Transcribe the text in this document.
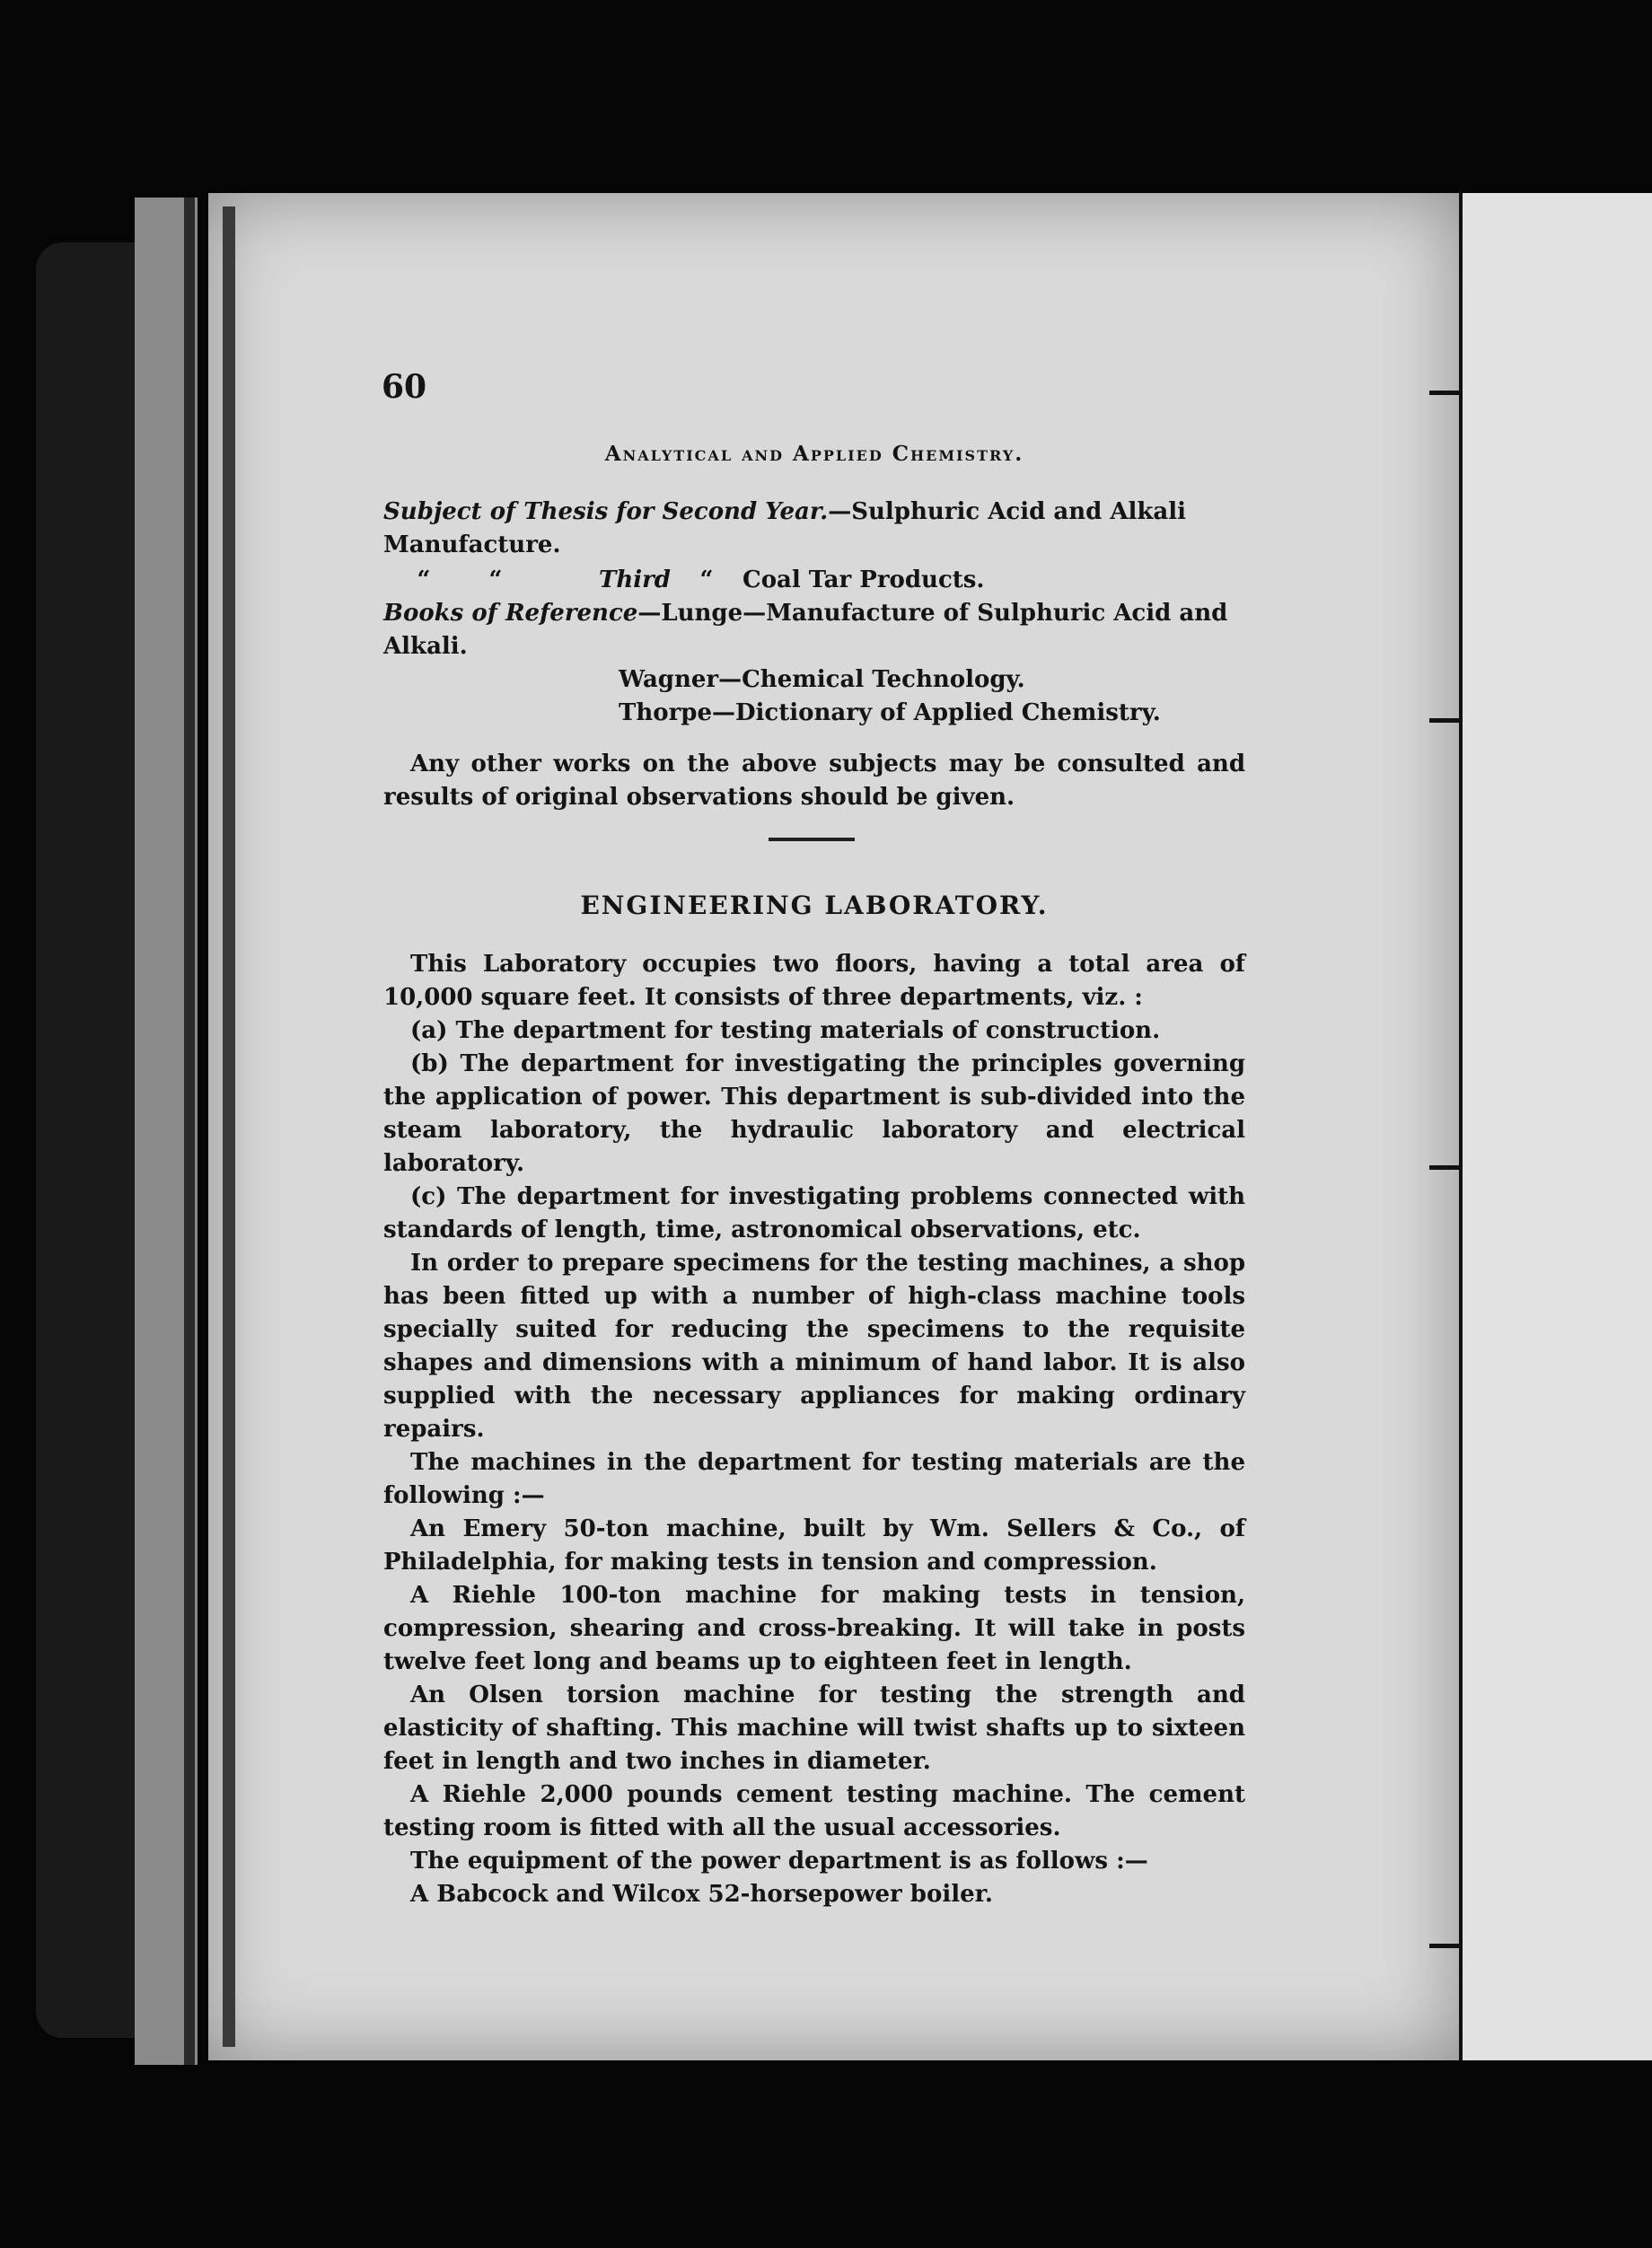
60
Analytical and Applied Chemistry.
Subject of Thesis for Second Year.—Sulphuric Acid and Alkali Manufacture.
“	“	Third “ Coal Tar Products.
Books of Reference—Lunge—Manufacture of Sulphuric Acid and Alkali.
Wagner—Chemical Technology.
Thorpe—Dictionary of Applied Chemistry.

Any other works on the above subjects may be consulted and results of original observations should be given.

ENGINEERING LABORATORY.

This Laboratory occupies two floors, having a total area of 10,000 square feet. It consists of three departments, viz. :

(a) The department for testing materials of construction.

(b) The department for investigating the principles governing the application of power. This department is sub-divided into the steam laboratory, the hydraulic laboratory and electrical laboratory.

(c) The department for investigating problems connected with standards of length, time, astronomical observations, etc.

In order to prepare specimens for the testing machines, a shop has been fitted up with a number of high-class machine tools specially suited for reducing the specimens to the requisite shapes and dimensions with a minimum of hand labor. It is also supplied with the necessary appliances for making ordinary repairs.

The machines in the department for testing materials are the following :—

An Emery 50-ton machine, built by Wm. Sellers & Co., of Philadelphia, for making tests in tension and compression.

A Riehle 100-ton machine for making tests in tension, compression, shearing and cross-breaking. It will take in posts twelve feet long and beams up to eighteen feet in length.

An Olsen torsion machine for testing the strength and elasticity of shafting. This machine will twist shafts up to sixteen feet in length and two inches in diameter.

A Riehle 2,000 pounds cement testing machine. The cement testing room is fitted with all the usual accessories.

The equipment of the power department is as follows :—

A Babcock and Wilcox 52-horsepower boiler.
